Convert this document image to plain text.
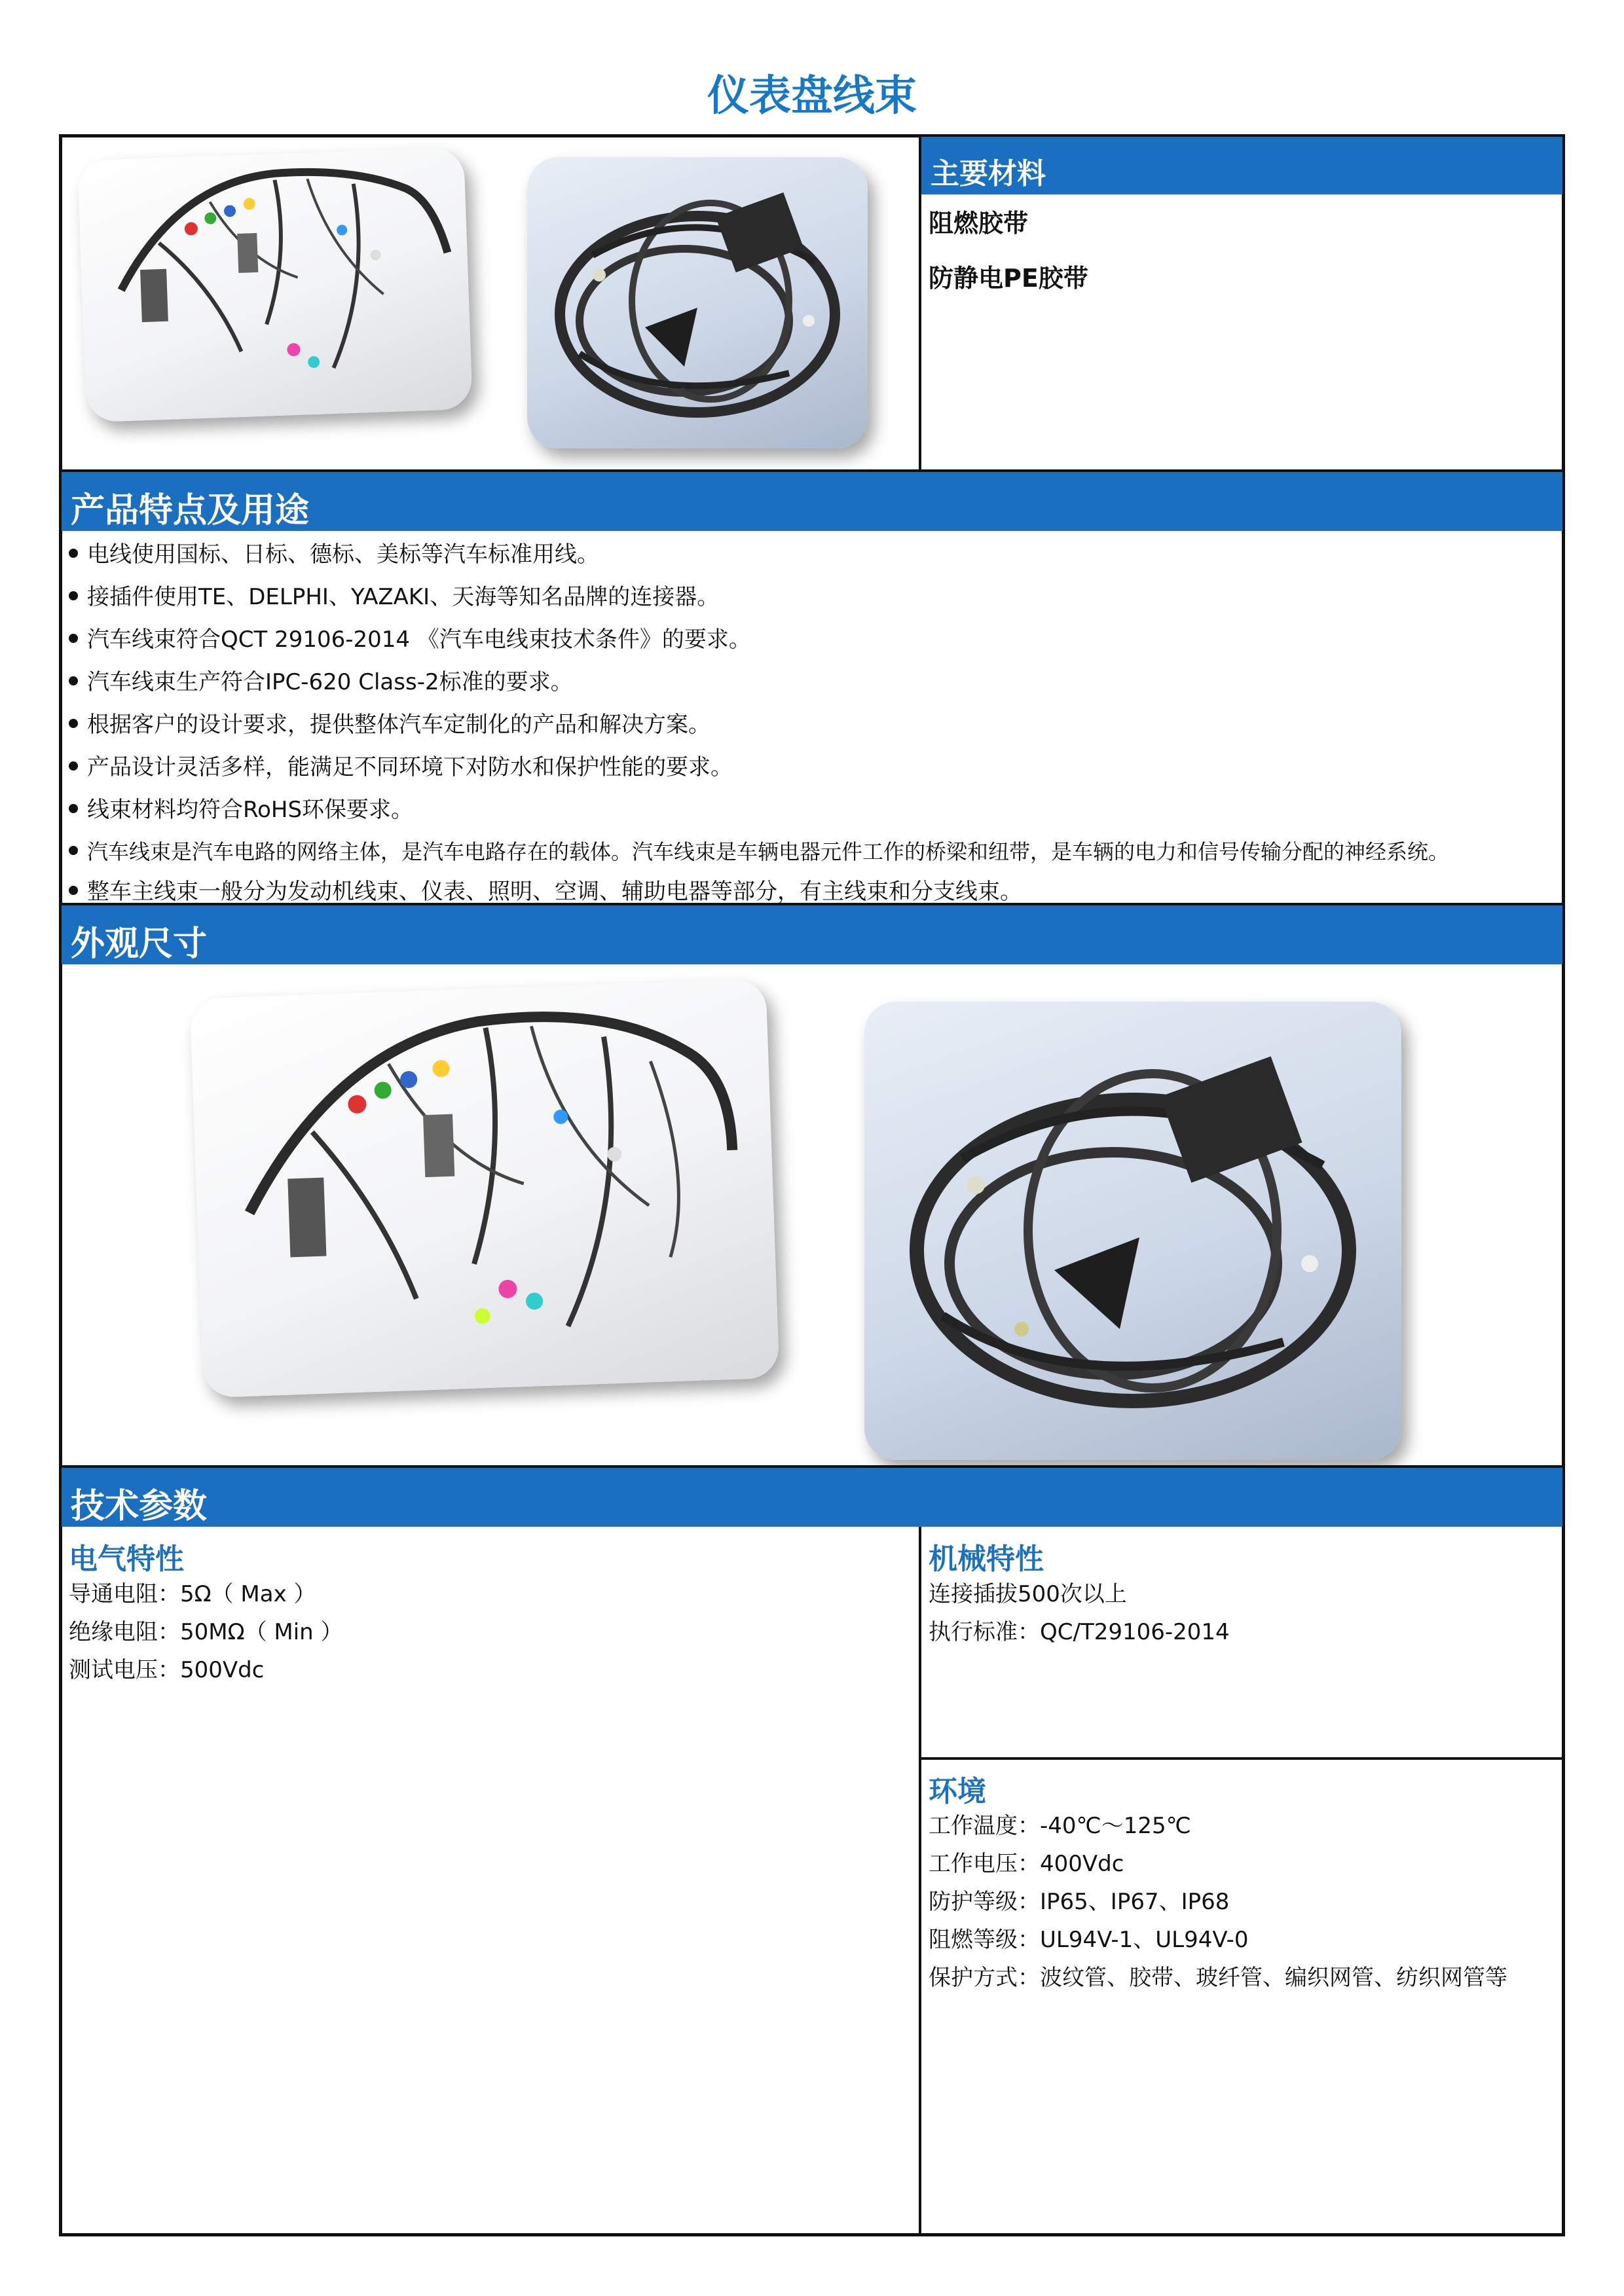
仪表盘线束
主要材料
阻燃胶带
防静电PE胶带
产品特点及用途
电线使用国标、日标、德标、美标等汽车标准用线。
接插件使用TE、DELPHI、YAZAKI、天海等知名品牌的连接器。
汽车线束符合QCT 29106-2014 《汽车电线束技术条件》的要求。
汽车线束生产符合IPC-620 Class-2标准的要求。
根据客户的设计要求，提供整体汽车定制化的产品和解决方案。
产品设计灵活多样，能满足不同环境下对防水和保护性能的要求。
线束材料均符合RoHS环保要求。
汽车线束是汽车电路的网络主体，是汽车电路存在的载体。汽车线束是车辆电器元件工作的桥梁和纽带，是车辆的电力和信号传输分配的神经系统。
整车主线束一般分为发动机线束、仪表、照明、空调、辅助电器等部分，有主线束和分支线束。
外观尺寸
技术参数
电气特性
导通电阻：5Ω（ Max ）
绝缘电阻：50MΩ（ Min ）
测试电压：500Vdc
机械特性
连接插拔500次以上
执行标准：QC/T29106-2014
环境
工作温度：-40℃～125℃
工作电压：400Vdc
防护等级：IP65、IP67、IP68
阻燃等级：UL94V-1、UL94V-0
保护方式：波纹管、胶带、玻纤管、编织网管、纺织网管等
